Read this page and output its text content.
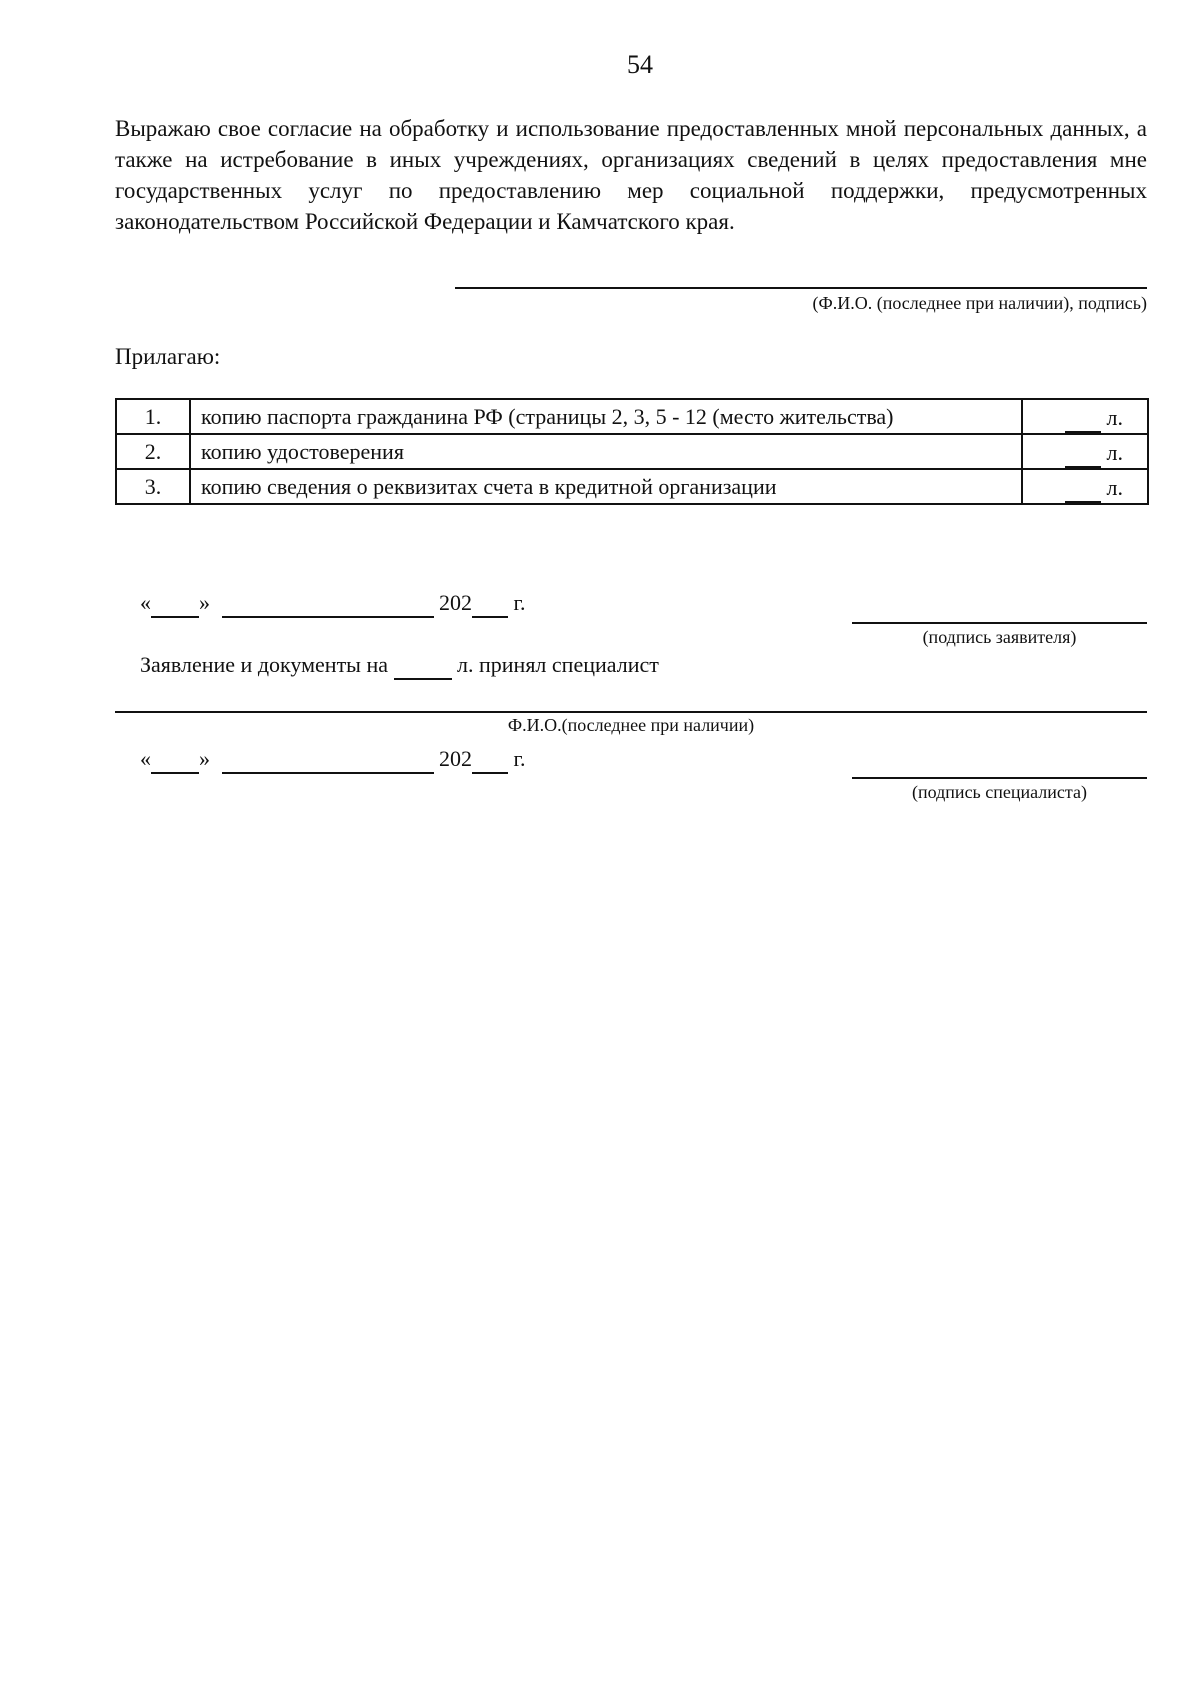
54
Выражаю свое согласие на обработку и использование предоставленных мной персональных данных, а также на истребование в иных учреждениях, организациях сведений в целях предоставления мне государственных услуг по предоставлению мер социальной поддержки, предусмотренных законодательством Российской Федерации и Камчатского края.
(Ф.И.О. (последнее при наличии), подпись)
Прилагаю:
1.	копию паспорта гражданина РФ (страницы 2, 3, 5 - 12 (место жительства)	л.
2.	копию удостоверения	л.
3.	копию сведения о реквизитах счета в кредитной организации	л.
« »	202 г.
(подпись заявителя)
Заявление и документы на	л. принял специалист
Ф.И.О.(последнее при наличии)
« »	202 г.
(подпись специалиста)
